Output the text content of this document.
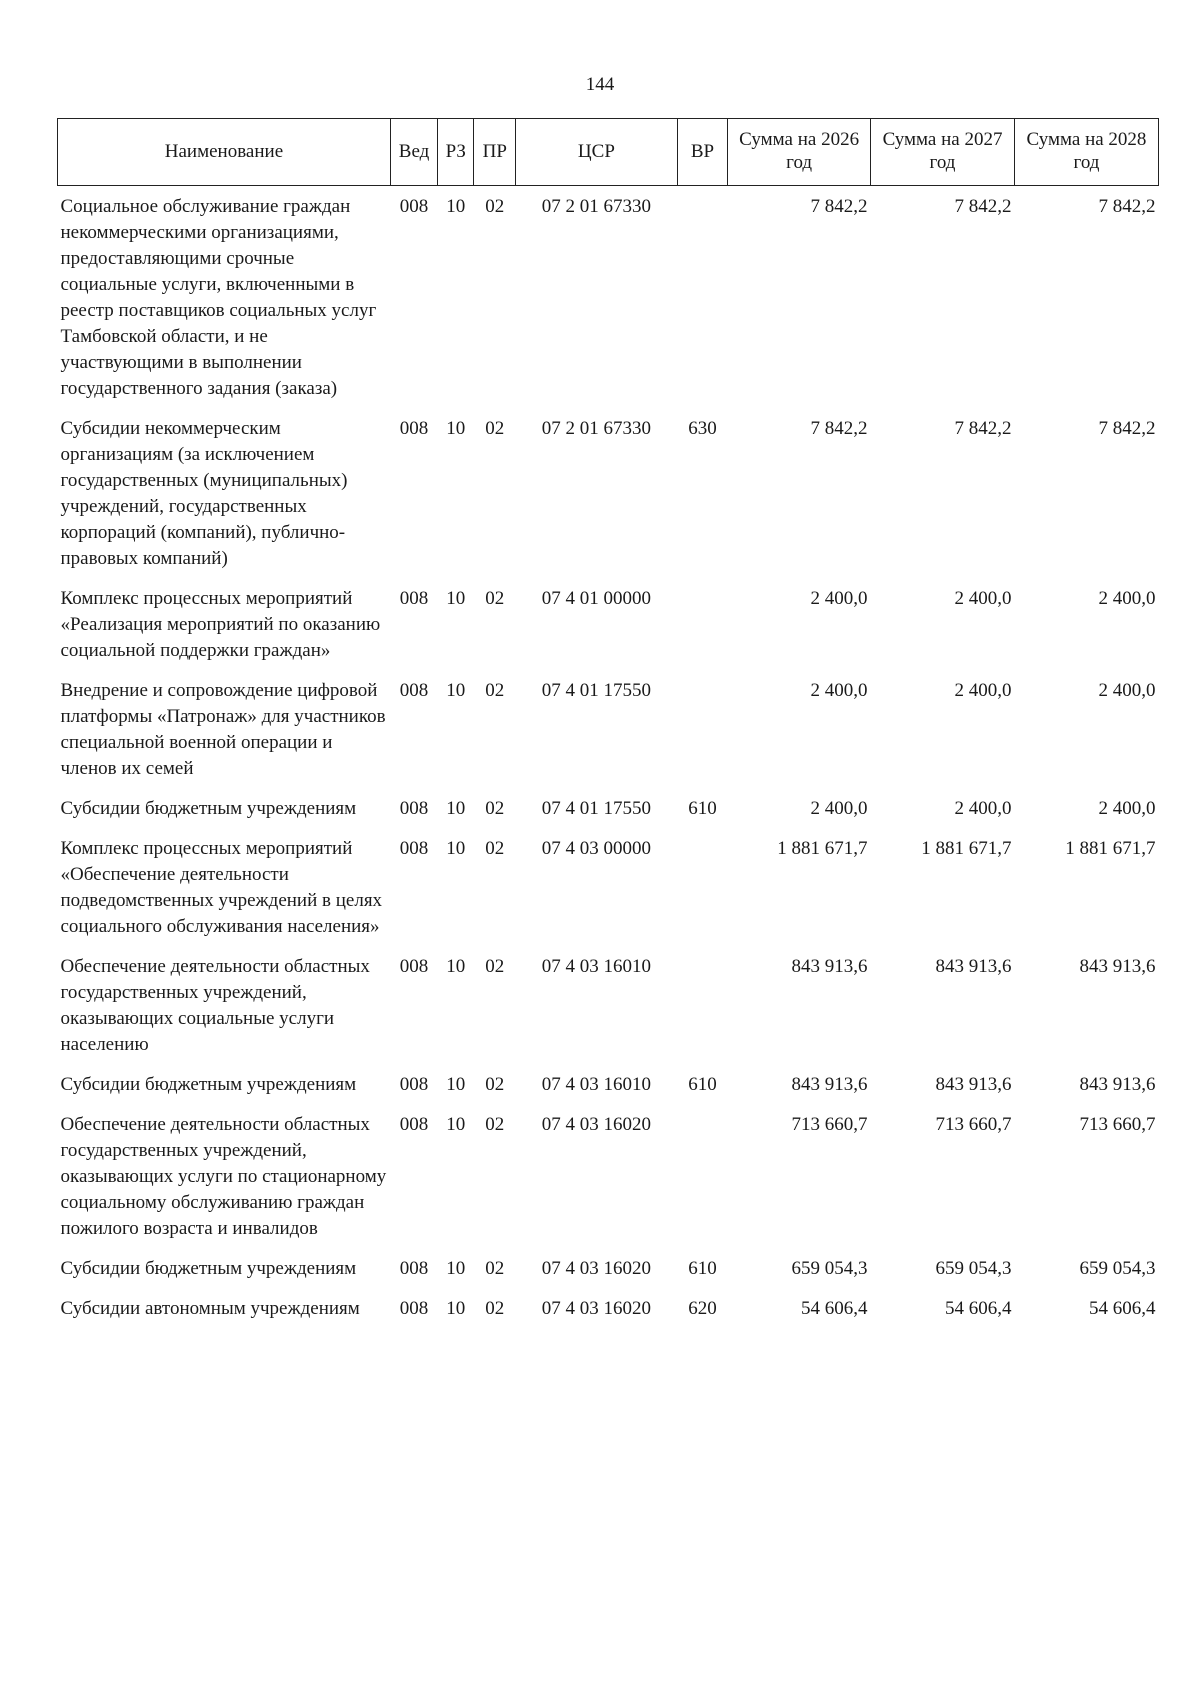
144
Наименование	Вед	РЗ	ПР	ЦСР	ВР	Сумма на 2026 год	Сумма на 2027 год	Сумма на 2028 год
Социальное обслуживание граждан некоммерческими организациями, предоставляющими срочные социальные услуги, включенными в реестр поставщиков социальных услуг Тамбовской области, и не участвующими в выполнении государственного задания (заказа)	008	10	02	07 2 01 67330		7 842,2	7 842,2	7 842,2
Субсидии некоммерческим организациям (за исключением государственных (муниципальных) учреждений, государственных корпораций (компаний), публично-правовых компаний)	008	10	02	07 2 01 67330	630	7 842,2	7 842,2	7 842,2
Комплекс процессных мероприятий «Реализация мероприятий по оказанию социальной поддержки граждан»	008	10	02	07 4 01 00000		2 400,0	2 400,0	2 400,0
Внедрение и сопровождение цифровой платформы «Патронаж» для участников специальной военной операции и членов их семей	008	10	02	07 4 01 17550		2 400,0	2 400,0	2 400,0
Субсидии бюджетным учреждениям	008	10	02	07 4 01 17550	610	2 400,0	2 400,0	2 400,0
Комплекс процессных мероприятий «Обеспечение деятельности подведомственных учреждений в целях социального обслуживания населения»	008	10	02	07 4 03 00000		1 881 671,7	1 881 671,7	1 881 671,7
Обеспечение деятельности областных государственных учреждений, оказывающих социальные услуги населению	008	10	02	07 4 03 16010		843 913,6	843 913,6	843 913,6
Субсидии бюджетным учреждениям	008	10	02	07 4 03 16010	610	843 913,6	843 913,6	843 913,6
Обеспечение деятельности областных государственных учреждений, оказывающих услуги по стационарному социальному обслуживанию граждан пожилого возраста и инвалидов	008	10	02	07 4 03 16020		713 660,7	713 660,7	713 660,7
Субсидии бюджетным учреждениям	008	10	02	07 4 03 16020	610	659 054,3	659 054,3	659 054,3
Субсидии автономным учреждениям	008	10	02	07 4 03 16020	620	54 606,4	54 606,4	54 606,4
